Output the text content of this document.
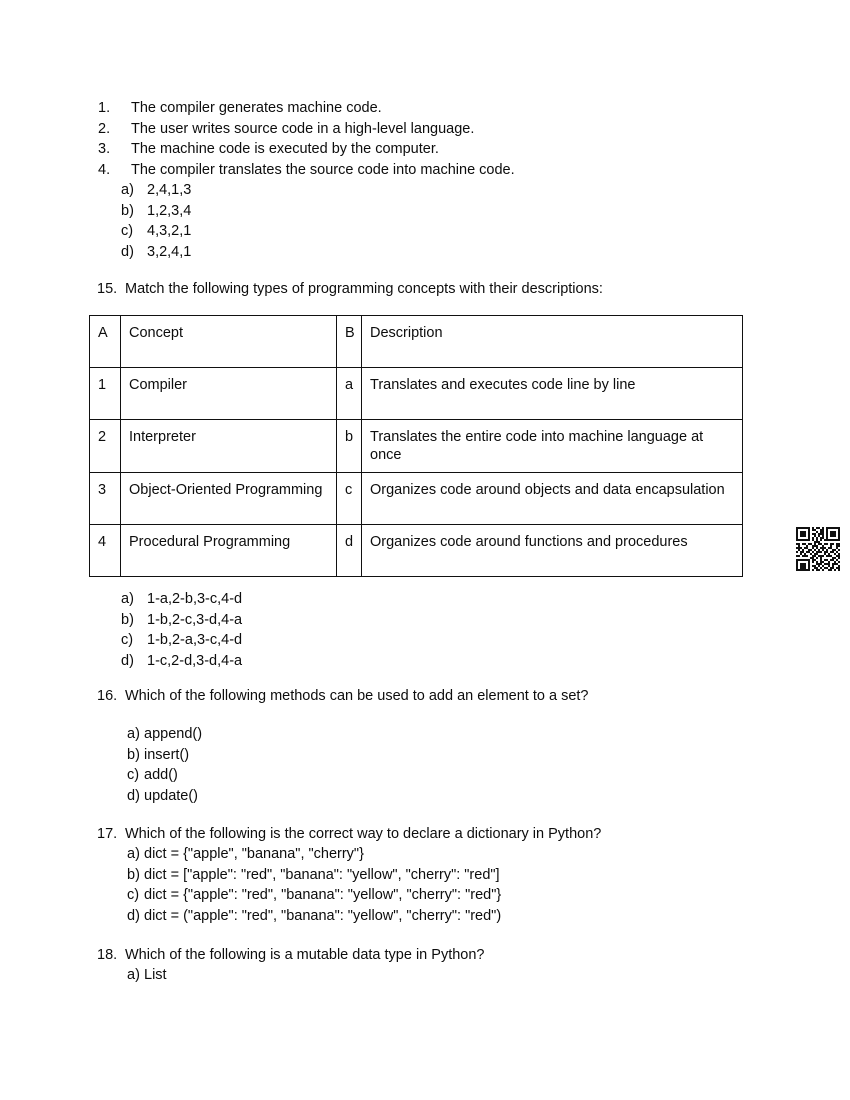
1.	The compiler generates machine code.
2.	The user writes source code in a high-level language.
3.	The machine code is executed by the computer.
4.	The compiler translates the source code into machine code.
a) 2,4,1,3
b) 1,2,3,4
c) 4,3,2,1
d) 3,2,4,1
15. Match the following types of programming concepts with their descriptions:
A	Concept	B	Description
1	Compiler	a	Translates and executes code line by line
2	Interpreter	b	Translates the entire code into machine language at once
3	Object-Oriented Programming	c	Organizes code around objects and data encapsulation
4	Procedural Programming	d	Organizes code around functions and procedures
a) 1-a,2-b,3-c,4-d
b) 1-b,2-c,3-d,4-a
c) 1-b,2-a,3-c,4-d
d) 1-c,2-d,3-d,4-a
16. Which of the following methods can be used to add an element to a set?
a) append()
b) insert()
c) add()
d) update()
17. Which of the following is the correct way to declare a dictionary in Python?
a) dict = {"apple", "banana", "cherry"}
b) dict = ["apple": "red", "banana": "yellow", "cherry": "red"]
c) dict = {"apple": "red", "banana": "yellow", "cherry": "red"}
d) dict = ("apple": "red", "banana": "yellow", "cherry": "red")
18. Which of the following is a mutable data type in Python?
a) List
